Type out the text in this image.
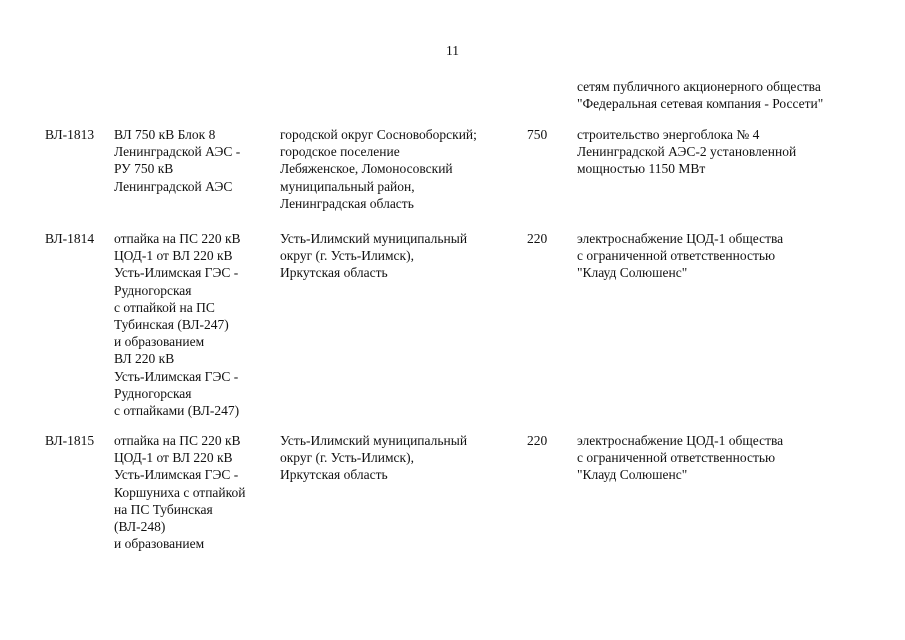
11
сетям публичного акционерного общества
"Федеральная сетевая компания - Россети"
ВЛ-1813 ВЛ 750 кВ Блок 8
Ленинградской АЭС -
РУ 750 кВ
Ленинградской АЭС
городской округ Сосновоборский;
городское поселение
Лебяженское, Ломоносовский
муниципальный район,
Ленинградская область
750 строительство энергоблока № 4
Ленинградской АЭС-2 установленной
мощностью 1150 МВт
ВЛ-1814 отпайка на ПС 220 кВ
ЦОД-1 от ВЛ 220 кВ
Усть-Илимская ГЭС -
Рудногорская
с отпайкой на ПС
Тубинская (ВЛ-247)
и образованием
ВЛ 220 кВ
Усть-Илимская ГЭС -
Рудногорская
с отпайками (ВЛ-247)
Усть-Илимский муниципальный
округ (г. Усть-Илимск),
Иркутская область
220 электроснабжение ЦОД-1 общества
с ограниченной ответственностью
"Клауд Солюшенс"
ВЛ-1815 отпайка на ПС 220 кВ
ЦОД-1 от ВЛ 220 кВ
Усть-Илимская ГЭС -
Коршуниха с отпайкой
на ПС Тубинская
(ВЛ-248)
и образованием
Усть-Илимский муниципальный
округ (г. Усть-Илимск),
Иркутская область
220 электроснабжение ЦОД-1 общества
с ограниченной ответственностью
"Клауд Солюшенс"
